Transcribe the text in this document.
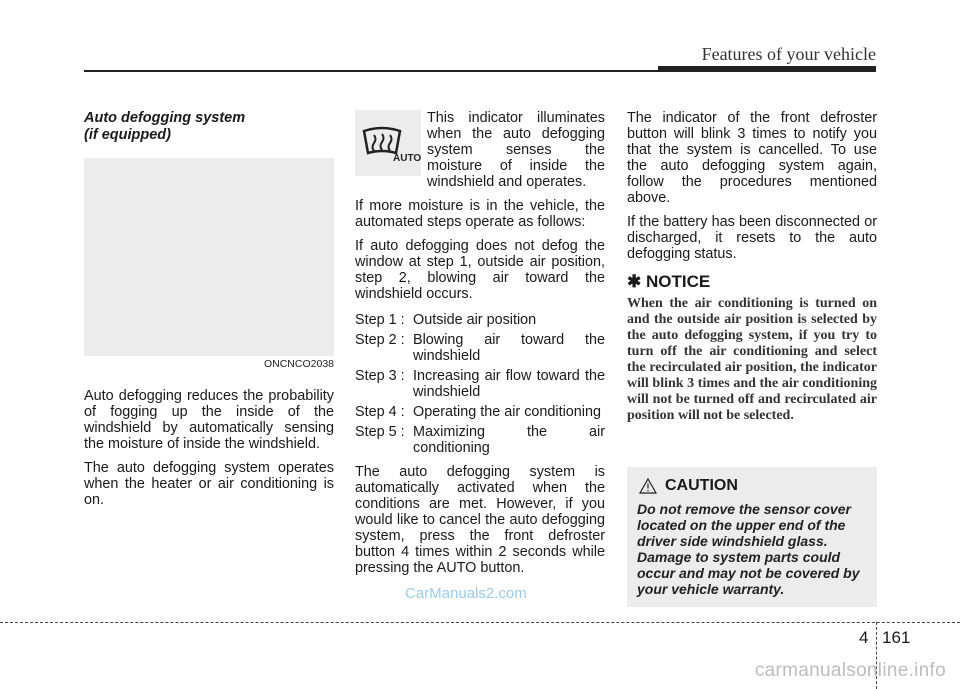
Features of your vehicle
Auto defogging system
(if equipped)
ONCNCO2038

Auto defogging reduces the probability of fogging up the inside of the windshield by automatically sensing the moisture of inside the windshield.

The auto defogging system operates when the heater or air conditioning is on.

AUTO
This indicator illuminates when the auto defogging system senses the moisture of inside the windshield and operates.

If more moisture is in the vehicle, the automated steps operate as follows:

If auto defogging does not defog the window at step 1, outside air position, step 2, blowing air toward the windshield occurs.

Step 1 : Outside air position
Step 2 : Blowing air toward the windshield
Step 3 : Increasing air flow toward the windshield
Step 4 : Operating the air conditioning
Step 5 : Maximizing the air conditioning

The auto defogging system is automatically activated when the conditions are met. However, if you would like to cancel the auto defogging system, press the front defroster button 4 times within 2 seconds while pressing the AUTO button.

CarManuals2.com

The indicator of the front defroster button will blink 3 times to notify you that the system is cancelled. To use the auto defogging system again, follow the procedures mentioned above.

If the battery has been disconnected or discharged, it resets to the auto defogging status.

✱ NOTICE
When the air conditioning is turned on and the outside air position is selected by the auto defogging system, if you try to turn off the air conditioning and select the recirculated air position, the indicator will blink 3 times and the air conditioning will not be turned off and recirculated air position will not be selected.
CAUTION
Do not remove the sensor cover located on the upper end of the driver side windshield glass. Damage to system parts could occur and may not be covered by your vehicle warranty.
4 161
carmanualsonline.info
